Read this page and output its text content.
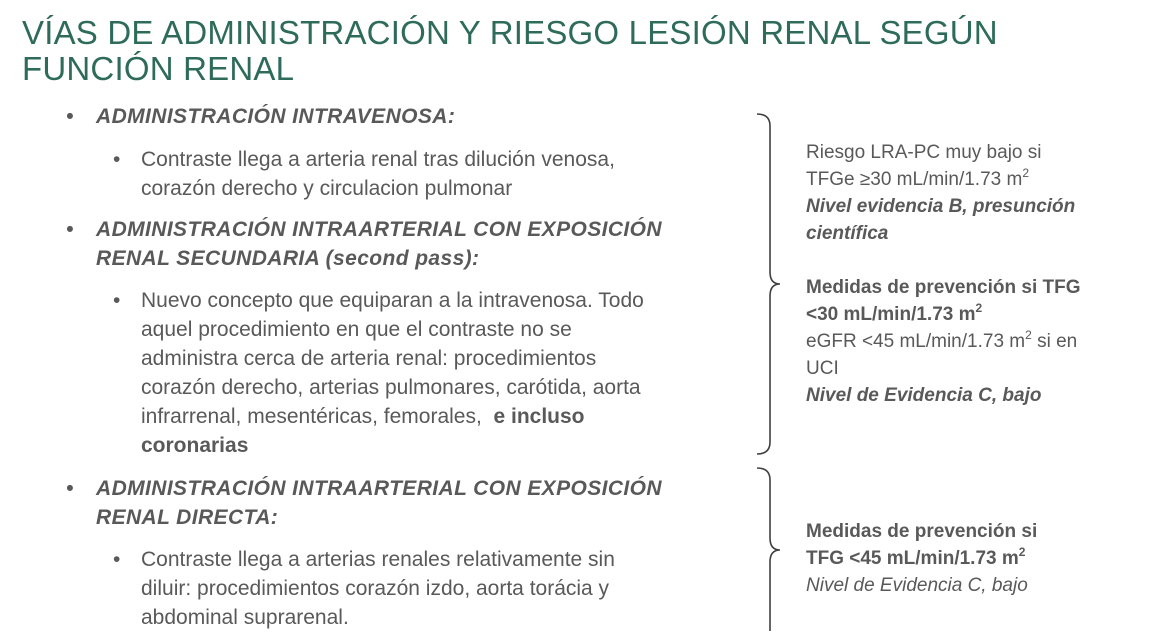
VÍAS DE ADMINISTRACIÓN Y RIESGO LESIÓN RENAL SEGÚN FUNCIÓN RENAL
• ADMINISTRACIÓN INTRAVENOSA:
• Contraste llega a arteria renal tras dilución venosa,
corazón derecho y circulacion pulmonar
• ADMINISTRACIÓN INTRAARTERIAL CON EXPOSICIÓN
RENAL SECUNDARIA (second pass):
• Nuevo concepto que equiparan a la intravenosa. Todo
aquel procedimiento en que el contraste no se
administra cerca de arteria renal: procedimientos
corazón derecho, arterias pulmonares, carótida, aorta
infrarrenal, mesentéricas, femorales, e incluso
coronarias
• ADMINISTRACIÓN INTRAARTERIAL CON EXPOSICIÓN
RENAL DIRECTA:
• Contraste llega a arterias renales relativamente sin
diluir: procedimientos corazón izdo, aorta torácia y
abdominal suprarenal.
Riesgo LRA-PC muy bajo si
TFGe ≥30 mL/min/1.73 $m^2$
Nivel evidencia B, presunción
científica
Medidas de prevención si TFG
<30 mL/min/1.73 $m^2$
eGFR <45 mL/min/1.73 $m^2$ si en
UCI
Nivel de Evidencia C, bajo
Medidas de prevención si
TFG <45 mL/min/1.73 $m^2$
Nivel de Evidencia C, bajo
